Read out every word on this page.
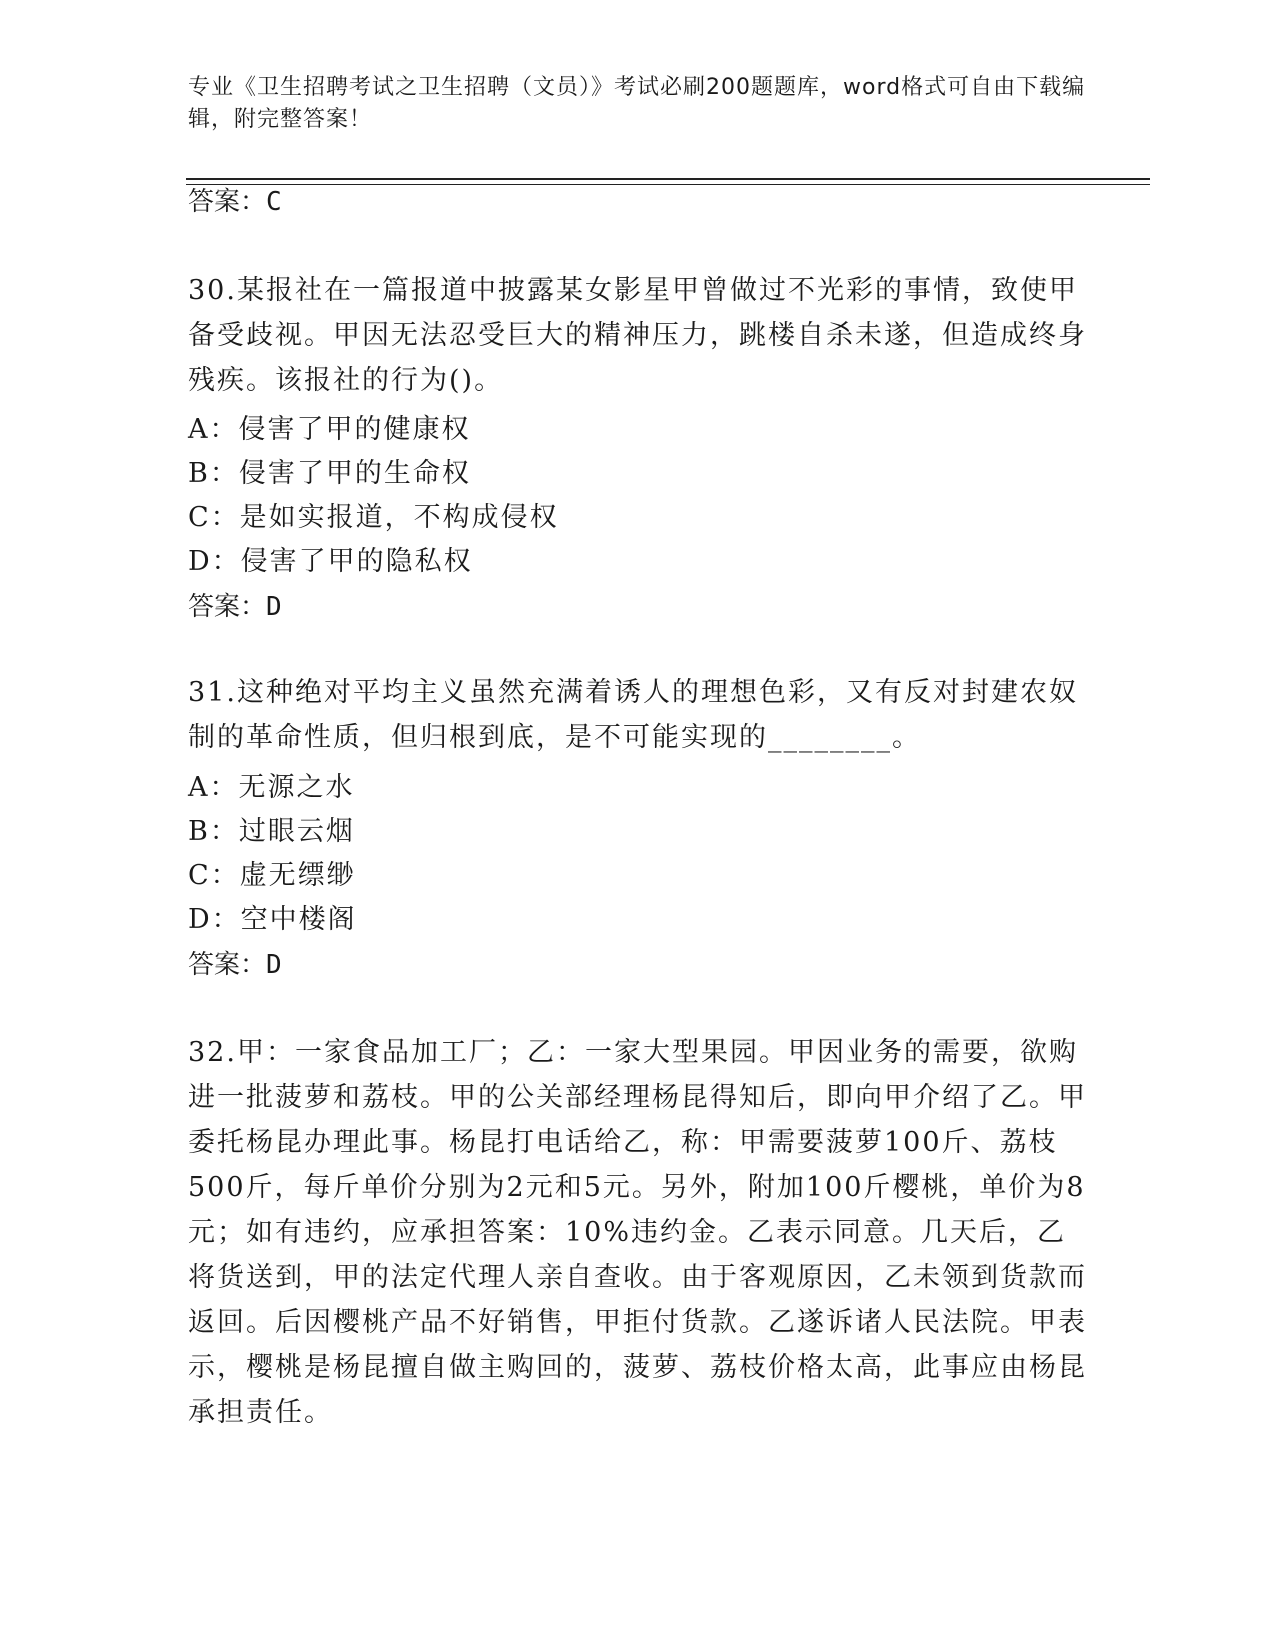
专业《卫生招聘考试之卫生招聘（文员）》考试必刷200题题库，word格式可自由下载编辑，附完整答案！
答案：C
30.某报社在一篇报道中披露某女影星甲曾做过不光彩的事情，致使甲备受歧视。甲因无法忍受巨大的精神压力，跳楼自杀未遂，但造成终身残疾。该报社的行为()。
A：侵害了甲的健康权
B：侵害了甲的生命权
C：是如实报道，不构成侵权
D：侵害了甲的隐私权
答案：D
31.这种绝对平均主义虽然充满着诱人的理想色彩，又有反对封建农奴制的革命性质，但归根到底，是不可能实现的________。
A：无源之水
B：过眼云烟
C：虚无缥缈
D：空中楼阁
答案：D
32.甲：一家食品加工厂；乙：一家大型果园。甲因业务的需要，欲购进一批菠萝和荔枝。甲的公关部经理杨昆得知后，即向甲介绍了乙。甲委托杨昆办理此事。杨昆打电话给乙，称：甲需要菠萝100斤、荔枝500斤，每斤单价分别为2元和5元。另外，附加100斤樱桃，单价为8元；如有违约，应承担答案：10%违约金。乙表示同意。几天后，乙将货送到，甲的法定代理人亲自查收。由于客观原因，乙未领到货款而返回。后因樱桃产品不好销售，甲拒付货款。乙遂诉诸人民法院。甲表示，樱桃是杨昆擅自做主购回的，菠萝、荔枝价格太高，此事应由杨昆承担责任。
